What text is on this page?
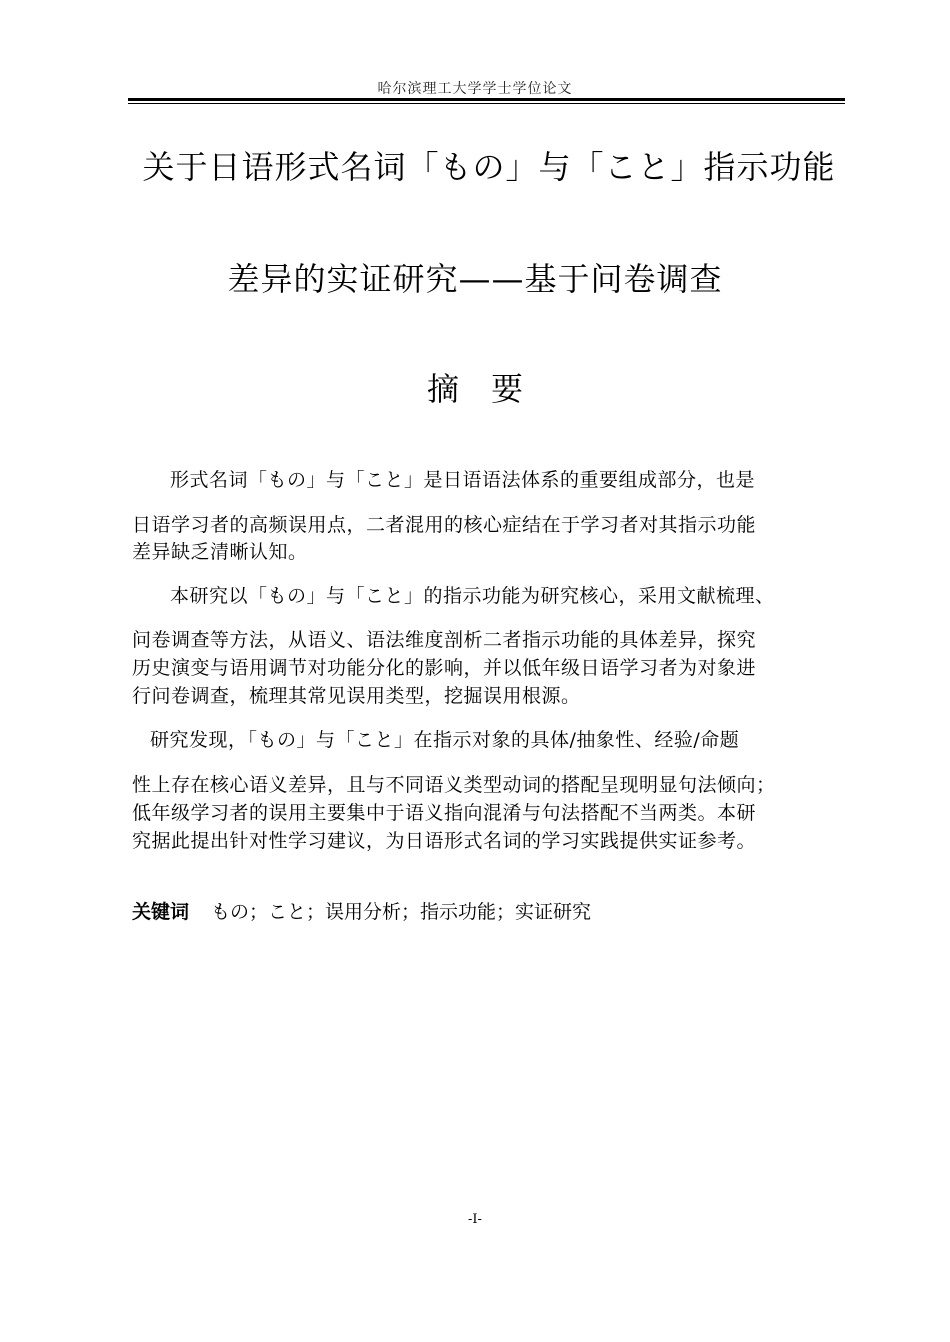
哈尔滨理工大学学士学位论文
关于日语形式名词「もの」与「こと」指示功能
差异的实证研究——基于问卷调查
摘　要
形式名词「もの」与「こと」是日语语法体系的重要组成部分，也是
日语学习者的高频误用点，二者混用的核心症结在于学习者对其指示功能
差异缺乏清晰认知。
本研究以「もの」与「こと」的指示功能为研究核心，采用文献梳理、
问卷调查等方法，从语义、语法维度剖析二者指示功能的具体差异，探究
历史演变与语用调节对功能分化的影响，并以低年级日语学习者为对象进
行问卷调查，梳理其常见误用类型，挖掘误用根源。
研究发现，「もの」与「こと」在指示对象的具体/抽象性、经验/命题
性上存在核心语义差异，且与不同语义类型动词的搭配呈现明显句法倾向；
低年级学习者的误用主要集中于语义指向混淆与句法搭配不当两类。本研
究据此提出针对性学习建议，为日语形式名词的学习实践提供实证参考。
关键词 もの；こと；误用分析；指示功能；实证研究
-I-
